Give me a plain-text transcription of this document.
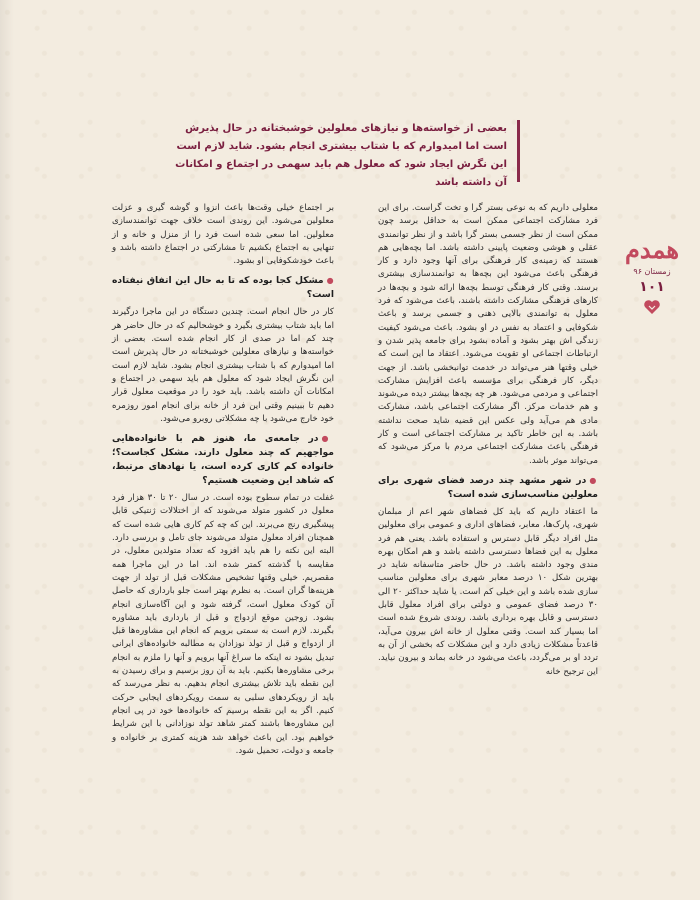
بعضی از خواسته‌ها و نیازهای معلولین خوشبختانه در حال پذیرش است اما امیدوارم که با شتاب بیشتری انجام بشود. شاید لازم است این نگرش ایجاد شود که معلول هم باید سهمی در اجتماع و امکانات آن داشته باشد
همدم
زمستان ۹۶
۱۰۱

معلولی داریم که به نوعی بستر گرا و تخت گراست. برای این فرد مشارکت اجتماعی ممکن است به حداقل برسد چون ممکن است از نظر جسمی بستر گرا باشد و از نظر توانمندی عقلی و هوشی وضعیت پایینی داشته باشد. اما بچه‌هایی هم هستند که زمینه‌ی کار فرهنگی برای آنها وجود دارد و کار فرهنگی باعث می‌شود این بچه‌ها به توانمندسازی بیشتری برسند. وقتی کار فرهنگی توسط بچه‌ها ارائه شود و بچه‌ها در کارهای فرهنگی مشارکت داشته باشند، باعث می‌شود که فرد معلول به توانمندی بالایی ذهنی و جسمی برسد و باعث شکوفایی و اعتماد به نفس در او بشود. باعث می‌شود کیفیت زندگی اش بهتر بشود و آماده بشود برای جامعه پذیر شدن و ارتباطات اجتماعی او تقویت می‌شود. اعتقاد ما این است که خیلی وقتها هنر می‌تواند در خدمت توانبخشی باشد. از جهت دیگر، کار فرهنگی برای مؤسسه باعث افزایش مشارکت اجتماعی و مردمی می‌شود. هر چه بچه‌ها بیشتر دیده می‌شوند و هم خدمات مرکز. اگر مشارکت اجتماعی باشد، مشارکت مادی هم می‌آید ولی عکس این قضیه شاید صحت نداشته باشد. به این خاطر تاکید بر مشارکت اجتماعی است و کار فرهنگی باعث مشارکت اجتماعی مردم با مرکز می‌شود که می‌تواند موثر باشد.

●در شهر مشهد چند درصد فضای شهری برای معلولین مناسب‌سازی شده است؟

ما اعتقاد داریم که باید کل فضاهای شهر اعم از مبلمان شهری، پارک‌ها، معابر، فضاهای اداری و عمومی برای معلولین مثل افراد دیگر قابل دسترس و استفاده باشد. یعنی هم فرد معلول به این فضاها دسترسی داشته باشد و هم امکان بهره مندی وجود داشته باشد. در حال حاضر متاسفانه شاید در بهترین شکل ۱۰ درصد معابر شهری برای معلولین مناسب سازی شده باشد و این خیلی کم است. یا شاید حداکثر ۲۰ الی ۳۰ درصد فضای عمومی و دولتی برای افراد معلول قابل دسترسی و قابل بهره برداری باشد. روندی شروع شده است اما بسیار کند است. وقتی معلول از خانه اش بیرون می‌آید، قاعدتاً مشکلات زیادی دارد و این مشکلات که بخشی از آن به تردد او بر می‌گردد، باعث می‌شود در خانه بماند و بیرون نیاید. این ترجیح خانه

بر اجتماع خیلی وقت‌ها باعث انزوا و گوشه گیری و عزلت معلولین می‌شود. این روندی است خلاف جهت توانمندسازی معلولین. اما سعی شده است فرد را از منزل و خانه و از تنهایی به اجتماع بکشیم تا مشارکتی در اجتماع داشته باشد و باعث خودشکوفایی او بشود.

●مشکل کجا بوده که تا به حال این اتفاق نیفتاده است؟

کار در حال انجام است. چندین دستگاه در این ماجرا درگیرند اما باید شتاب بیشتری بگیرد و خوشحالیم که در حال حاضر هر چند کم اما در صدی از کار انجام شده است. بعضی از خواسته‌ها و نیازهای معلولین خوشبختانه در حال پذیرش است اما امیدوارم که با شتاب بیشتری انجام بشود. شاید لازم است این نگرش ایجاد شود که معلول هم باید سهمی در اجتماع و امکانات آن داشته باشد. باید خود را در موقعیت معلول قرار دهیم تا ببینیم وقتی این فرد از خانه برای انجام امور روزمره خود خارج می‌شود با چه مشکلاتی روبرو می‌شود.

●در جامعه‌ی ما، هنوز هم با خانواده‌هایی مواجهیم که چند معلول دارند. مشکل کجاست؟؛ خانواده کم کاری کرده است، یا نهادهای مرتبط، که شاهد این وضعیت هستیم؟

غفلت در تمام سطوح بوده است. در سال ۲۰ تا ۳۰ هزار فرد معلول در کشور متولد می‌شوند که از اختلالات ژنتیکی قابل پیشگیری رنج می‌برند. این که چه کم کاری هایی شده است که همچنان افراد معلول متولد می‌شوند جای تامل و بررسی دارد. البته این نکته را هم باید افزود که تعداد متولدین معلول، در مقایسه با گذشته کمتر شده اند. اما در این ماجرا همه مقصریم. خیلی وقتها تشخیص مشکلات قبل از تولد از جهت هزینه‌ها گران است. به نظرم بهتر است جلو بارداری که حاصل آن کودک معلول است، گرفته شود و این آگاه‌سازی انجام بشود. زوجین موقع ازدواج و قبل از بارداری باید مشاوره بگیرند. لازم است به سمتی برویم که انجام این مشاوره‌ها قبل از ازدواج و قبل از تولد نوزادان به مطالبه خانواده‌های ایرانی تبدیل بشود نه اینکه ما سراغ آنها برویم و آنها را ملزم به انجام برخی مشاوره‌ها بکنیم. باید به آن روز برسیم و برای رسیدن به این نقطه باید تلاش بیشتری انجام بدهیم. به نظر می‌رسد که باید از رویکردهای سلبی به سمت رویکردهای ایجابی حرکت کنیم. اگر به این نقطه برسیم که خانواده‌ها خود در پی انجام این مشاوره‌ها باشند کمتر شاهد تولد نوزادانی با این شرایط خواهیم بود. این باعث خواهد شد هزینه کمتری بر خانواده و جامعه و دولت، تحمیل شود.
